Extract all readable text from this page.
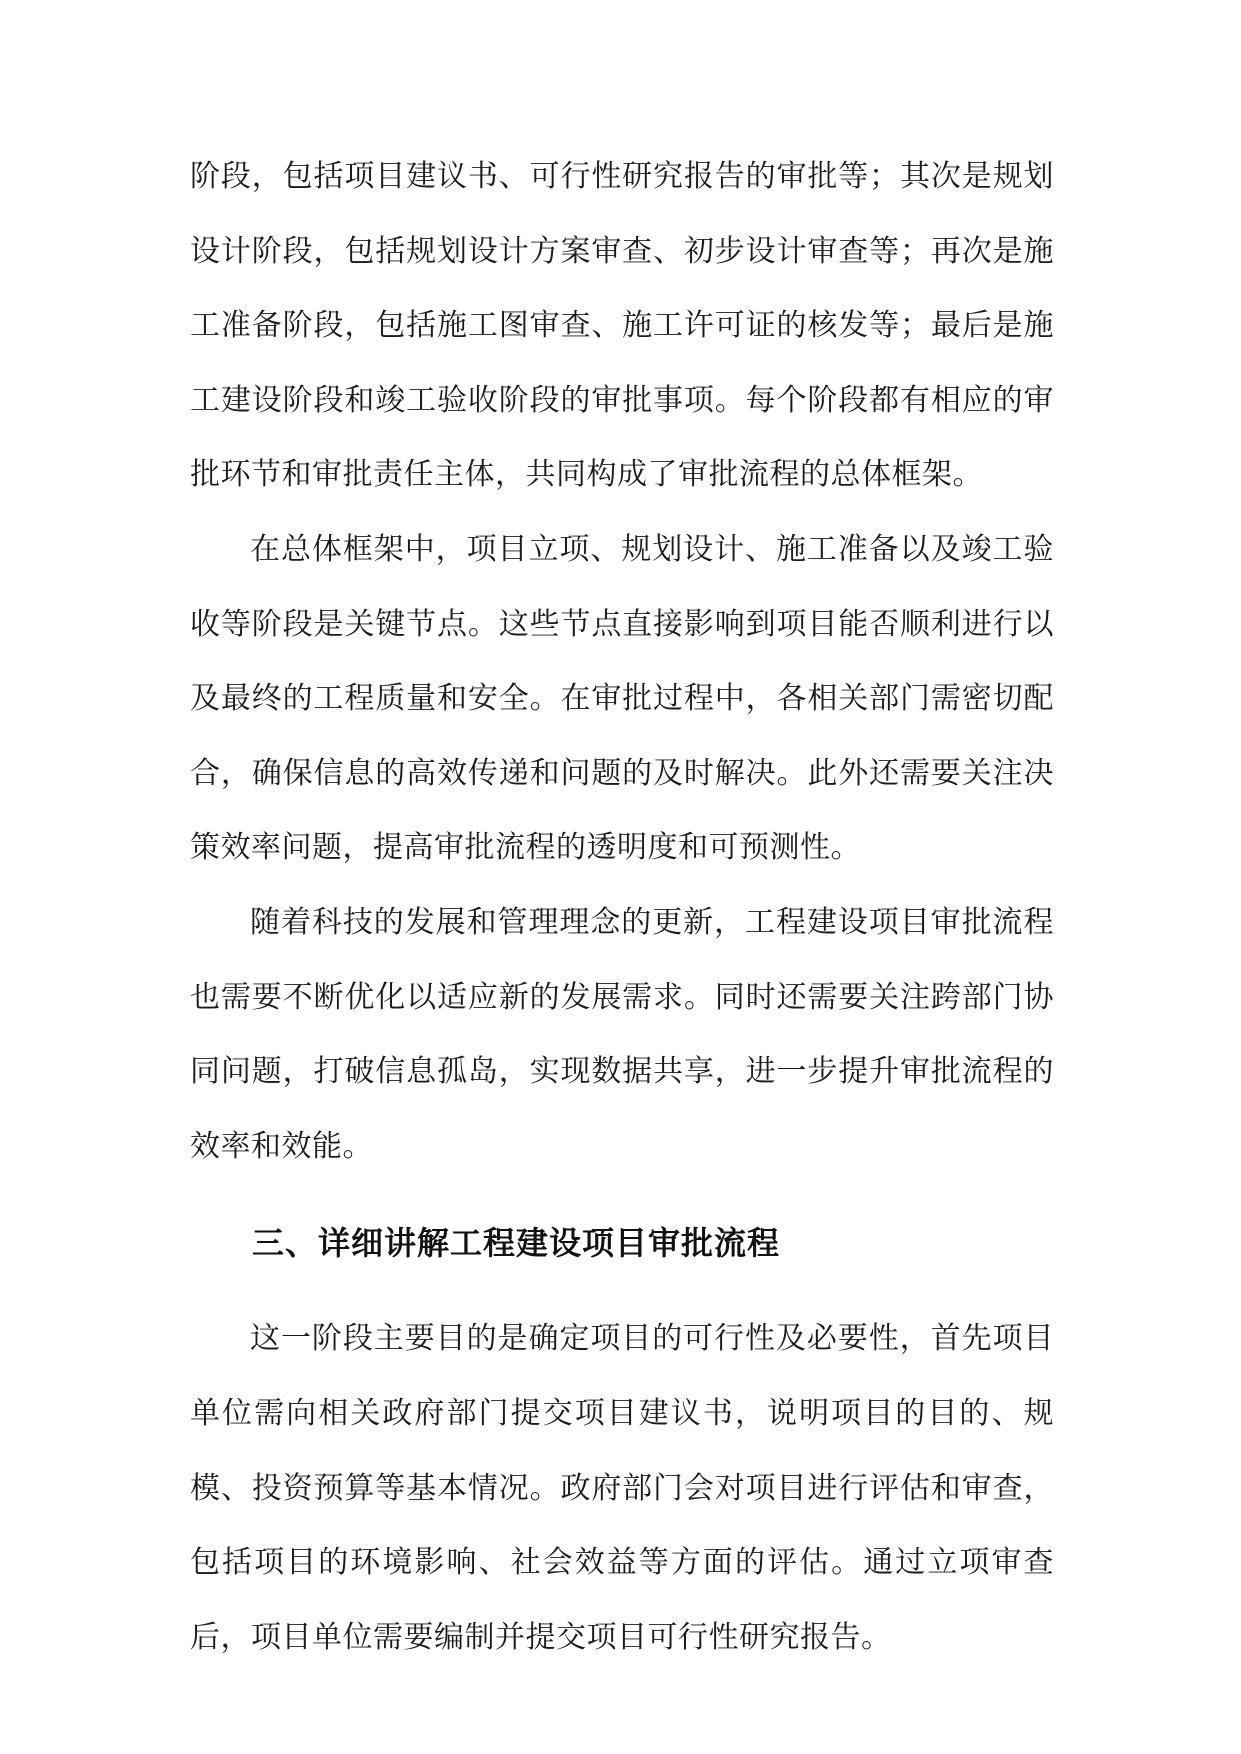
阶段，包括项目建议书、可行性研究报告的审批等；其次是规划设计阶段，包括规划设计方案审查、初步设计审查等；再次是施工准备阶段，包括施工图审查、施工许可证的核发等；最后是施工建设阶段和竣工验收阶段的审批事项。每个阶段都有相应的审批环节和审批责任主体，共同构成了审批流程的总体框架。

在总体框架中，项目立项、规划设计、施工准备以及竣工验收等阶段是关键节点。这些节点直接影响到项目能否顺利进行以及最终的工程质量和安全。在审批过程中，各相关部门需密切配合，确保信息的高效传递和问题的及时解决。此外还需要关注决策效率问题，提高审批流程的透明度和可预测性。

随着科技的发展和管理理念的更新，工程建设项目审批流程也需要不断优化以适应新的发展需求。同时还需要关注跨部门协同问题，打破信息孤岛，实现数据共享，进一步提升审批流程的效率和效能。

三、详细讲解工程建设项目审批流程

这一阶段主要目的是确定项目的可行性及必要性，首先项目单位需向相关政府部门提交项目建议书，说明项目的目的、规模、投资预算等基本情况。政府部门会对项目进行评估和审查，包括项目的环境影响、社会效益等方面的评估。通过立项审查后，项目单位需要编制并提交项目可行性研究报告。
